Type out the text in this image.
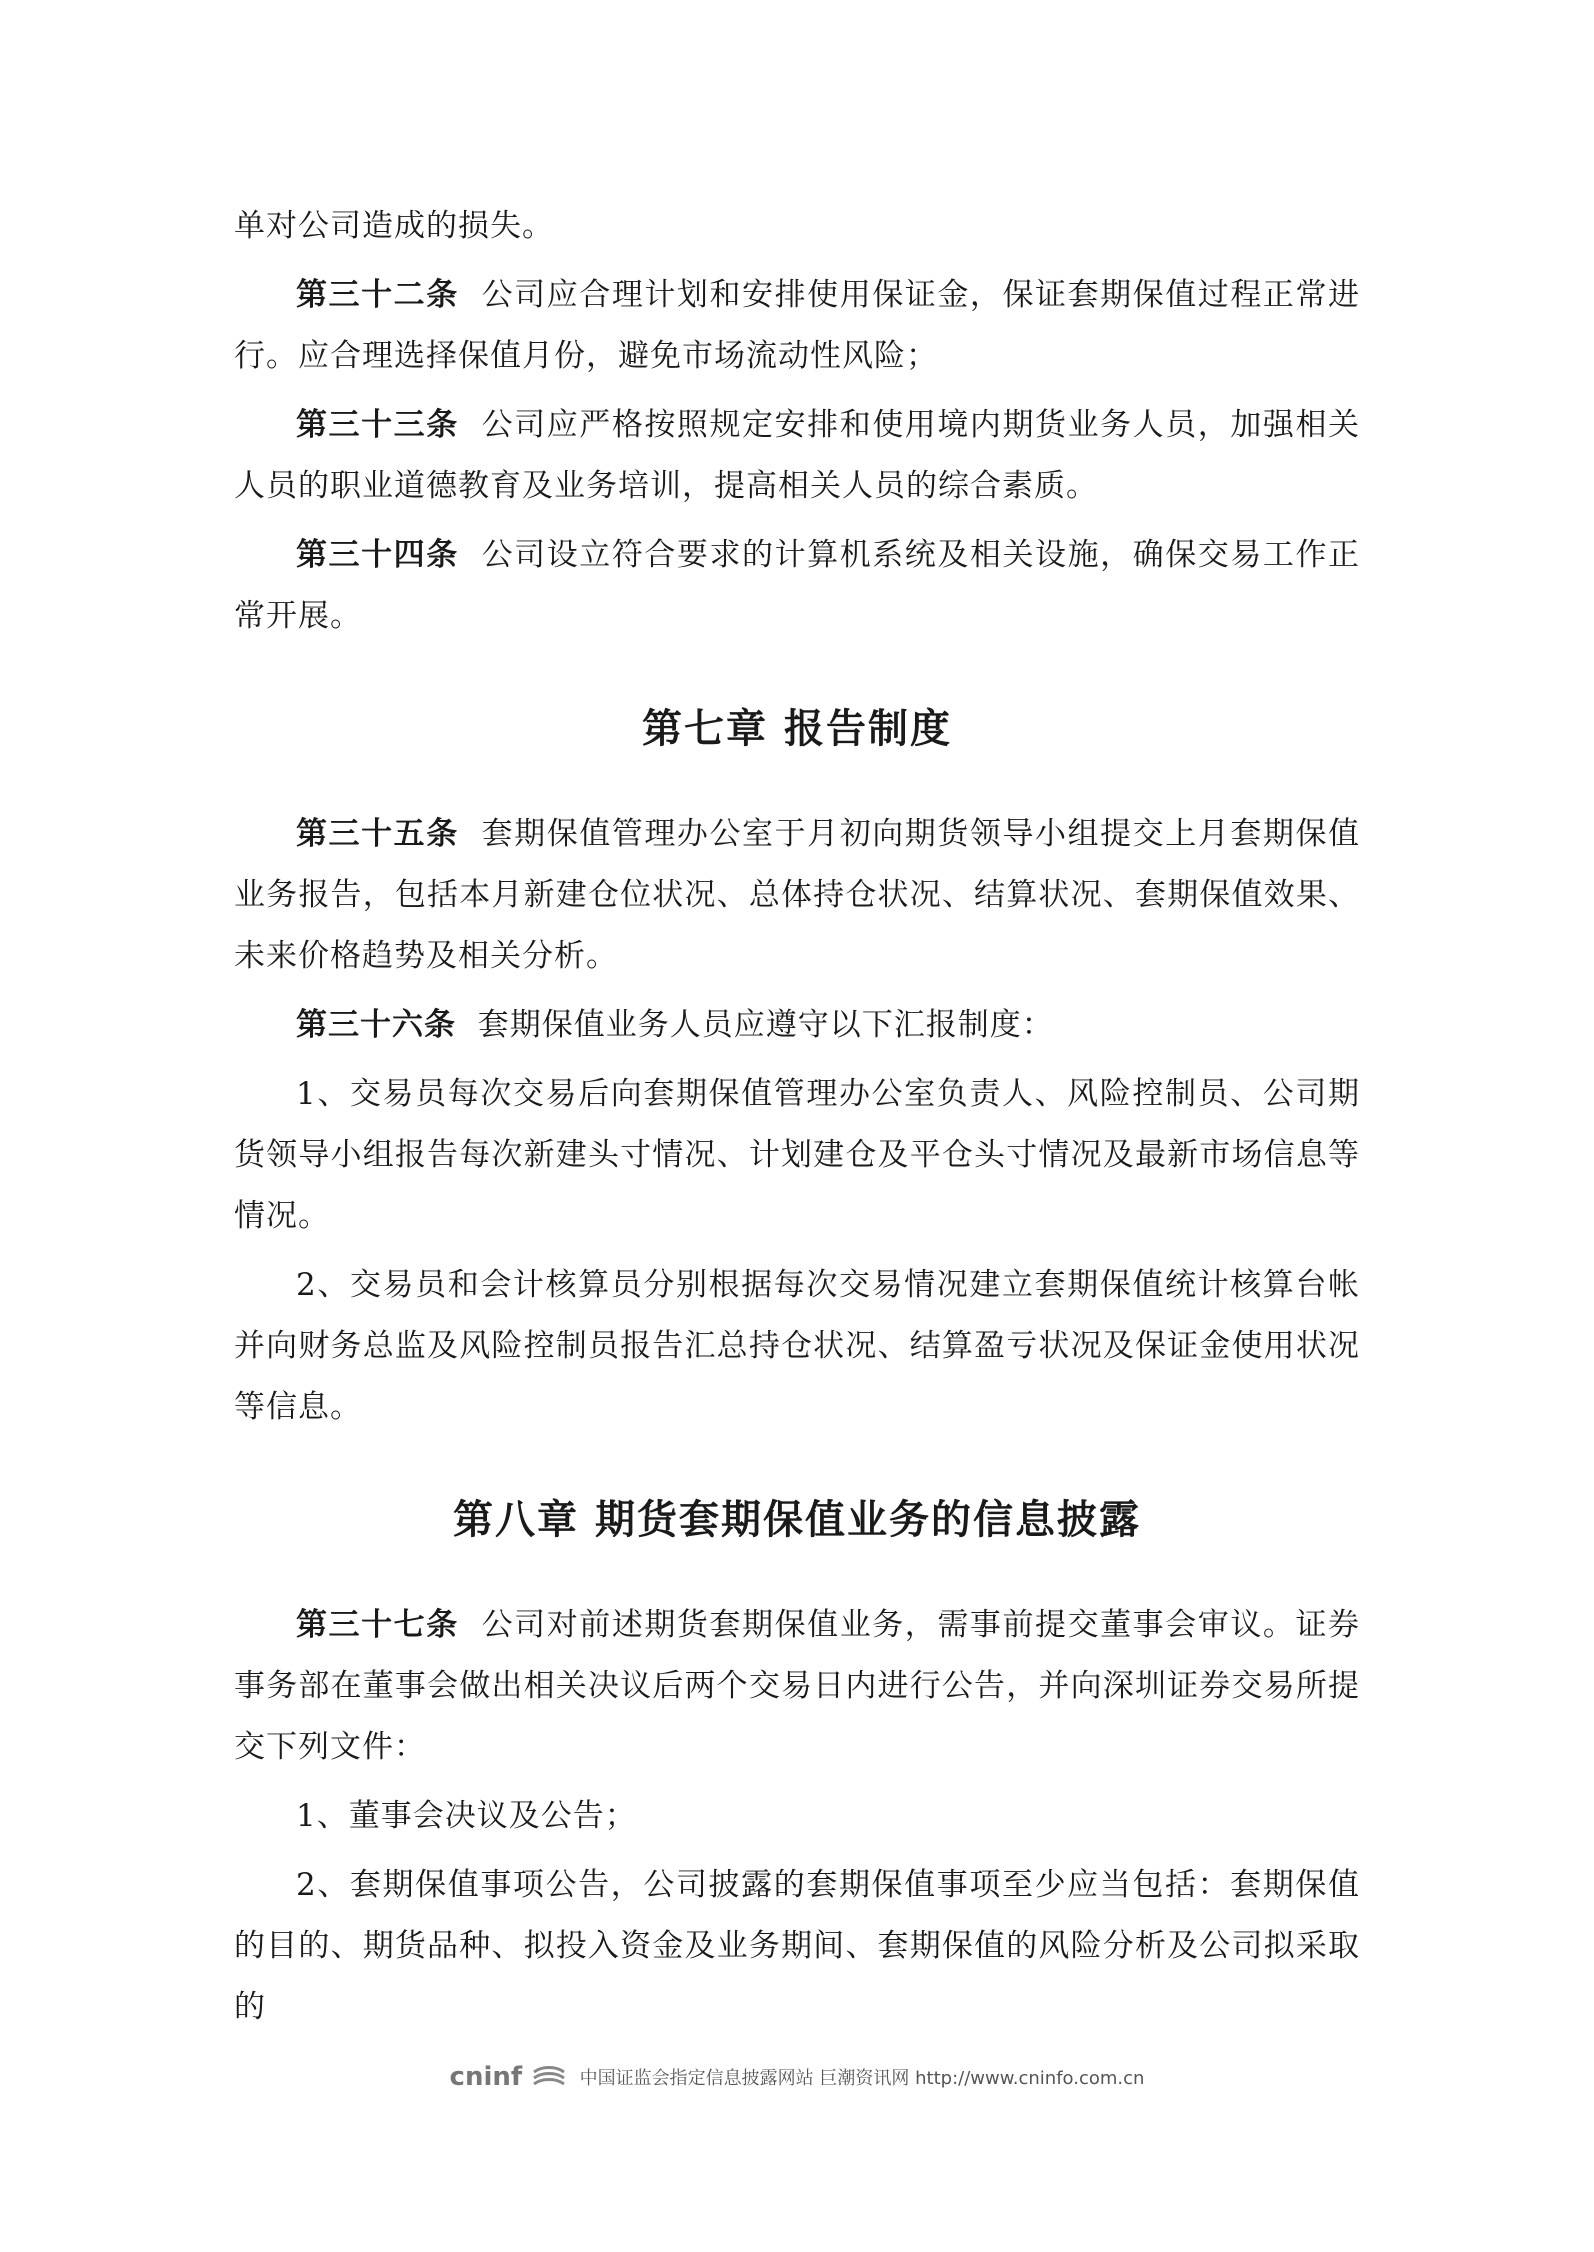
单对公司造成的损失。

第三十二条 公司应合理计划和安排使用保证金，保证套期保值过程正常进行。应合理选择保值月份，避免市场流动性风险；

第三十三条 公司应严格按照规定安排和使用境内期货业务人员，加强相关人员的职业道德教育及业务培训，提高相关人员的综合素质。

第三十四条 公司设立符合要求的计算机系统及相关设施，确保交易工作正常开展。

第七章 报告制度

第三十五条 套期保值管理办公室于月初向期货领导小组提交上月套期保值业务报告，包括本月新建仓位状况、总体持仓状况、结算状况、套期保值效果、未来价格趋势及相关分析。

第三十六条 套期保值业务人员应遵守以下汇报制度：

1、交易员每次交易后向套期保值管理办公室负责人、风险控制员、公司期货领导小组报告每次新建头寸情况、计划建仓及平仓头寸情况及最新市场信息等情况。

2、交易员和会计核算员分别根据每次交易情况建立套期保值统计核算台帐并向财务总监及风险控制员报告汇总持仓状况、结算盈亏状况及保证金使用状况等信息。

第八章 期货套期保值业务的信息披露

第三十七条 公司对前述期货套期保值业务，需事前提交董事会审议。证券事务部在董事会做出相关决议后两个交易日内进行公告，并向深圳证券交易所提交下列文件：

1、董事会决议及公告；

2、套期保值事项公告，公司披露的套期保值事项至少应当包括：套期保值的目的、期货品种、拟投入资金及业务期间、套期保值的风险分析及公司拟采取的

cninf	中国证监会指定信息披露网站 巨潮资讯网 http://www.cninfo.com.cn
